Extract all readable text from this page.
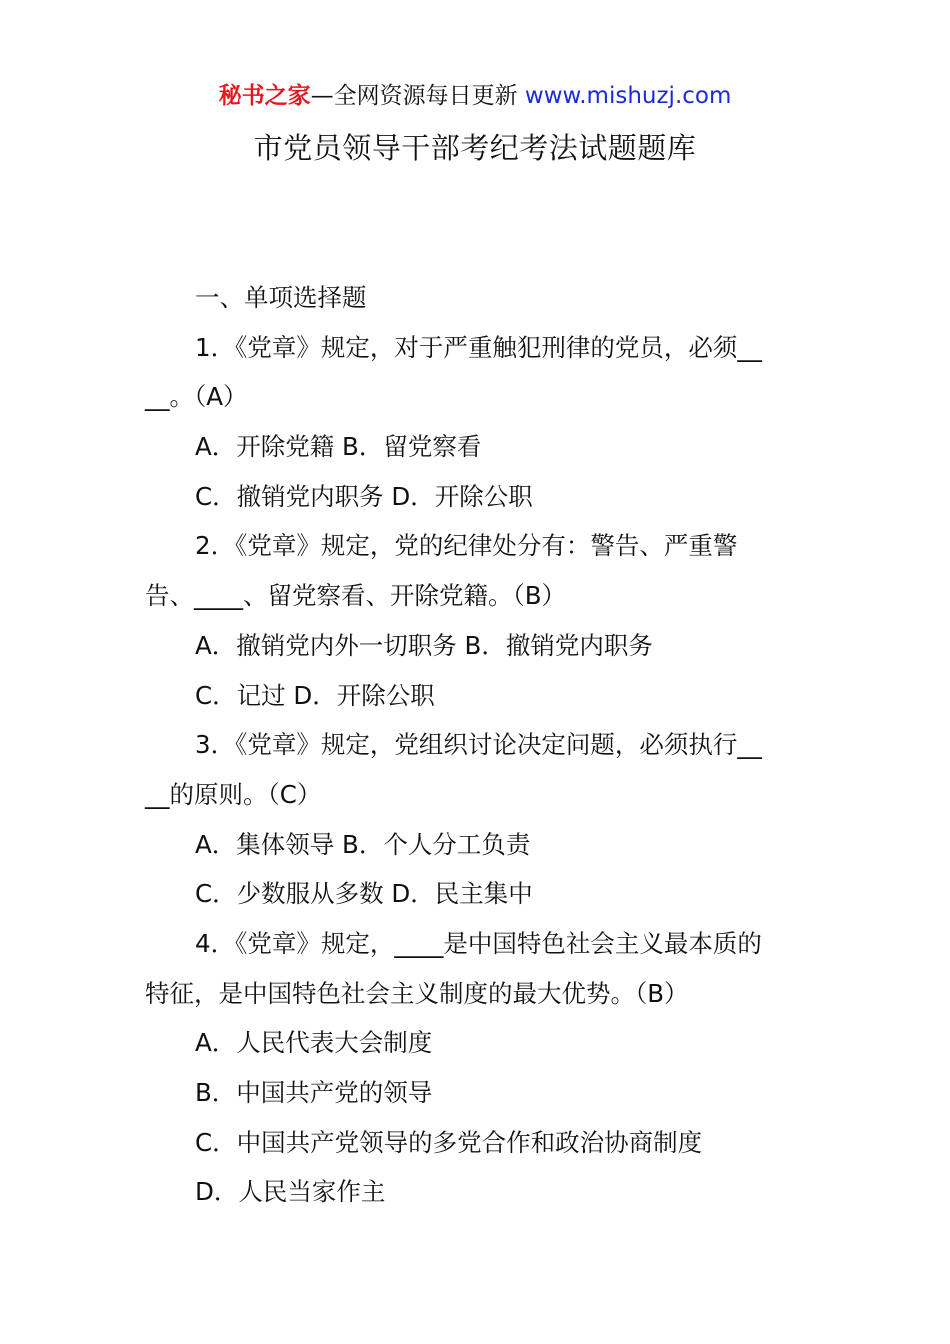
秘书之家—全网资源每日更新 www.mishuzj.com
市党员领导干部考纪考法试题题库
一、单项选择题
1．《党章》规定，对于严重触犯刑律的党员，必须__
__。（A）
A．开除党籍 B．留党察看
C．撤销党内职务 D．开除公职
2．《党章》规定，党的纪律处分有：警告、严重警
告、____、留党察看、开除党籍。（B）
A．撤销党内外一切职务 B．撤销党内职务
C．记过 D．开除公职
3．《党章》规定，党组织讨论决定问题，必须执行__
__的原则。（C）
A．集体领导 B．个人分工负责
C．少数服从多数 D．民主集中
4．《党章》规定，____是中国特色社会主义最本质的
特征，是中国特色社会主义制度的最大优势。（B）
A．人民代表大会制度
B．中国共产党的领导
C．中国共产党领导的多党合作和政治协商制度
D．人民当家作主
